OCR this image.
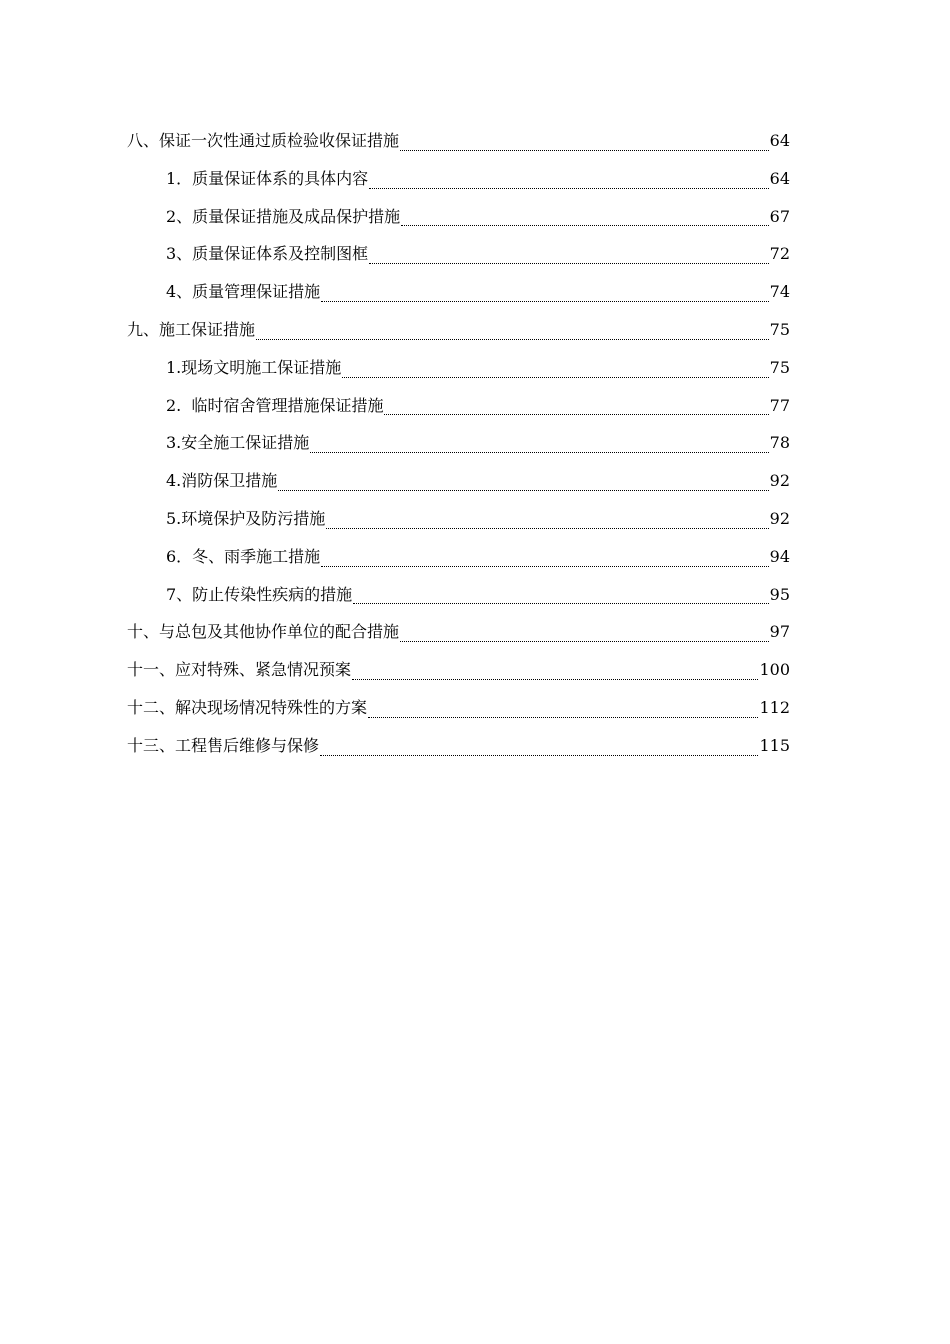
八、保证一次性通过质检验收保证措施	64
1．质量保证体系的具体内容	64
2、质量保证措施及成品保护措施	67
3、质量保证体系及控制图框	72
4、质量管理保证措施	74
九、施工保证措施	75
1.现场文明施工保证措施	75
2.  临时宿舍管理措施保证措施	77
3.安全施工保证措施	78
4.消防保卫措施	92
5.环境保护及防污措施	92
6．冬、雨季施工措施	94
7、防止传染性疾病的措施	95
十、与总包及其他协作单位的配合措施	97
十一、应对特殊、紧急情况预案	100
十二、解决现场情况特殊性的方案	112
十三、工程售后维修与保修	115
